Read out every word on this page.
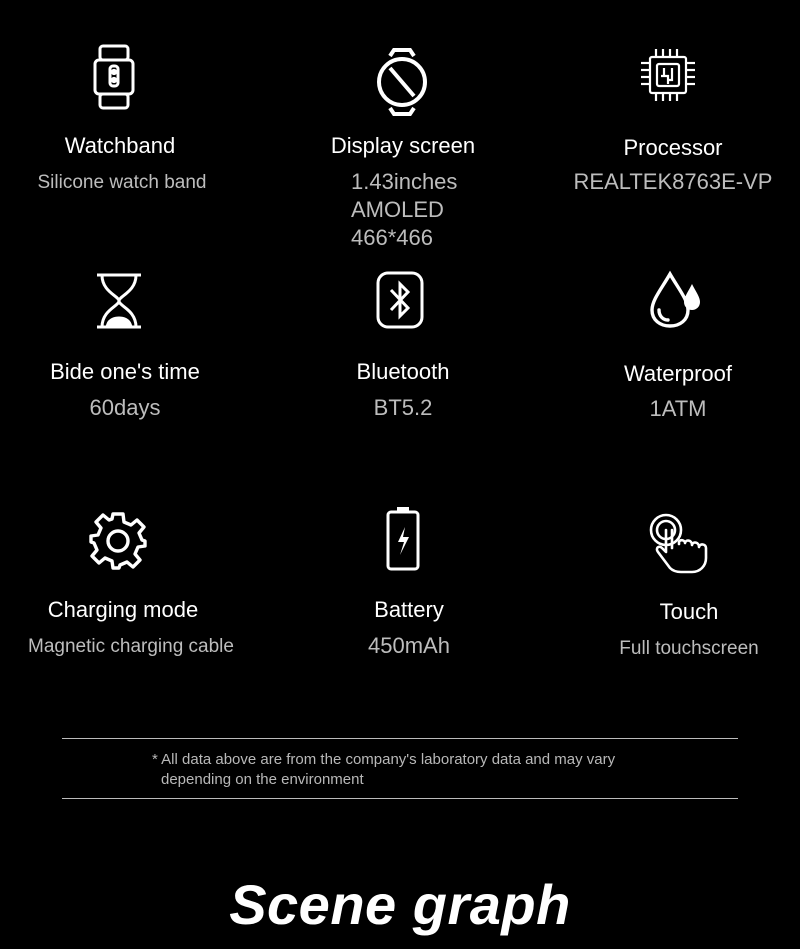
Watchband
Silicone watch band
Display screen
1.43inches
AMOLED
466*466
Processor
REALTEK8763E-VP
Bide one's time
60days
Bluetooth
BT5.2
Waterproof
1ATM
Charging mode
Magnetic charging cable
Battery
450mAh
Touch
Full touchscreen
* All data above are from the company's laboratory data and may vary
depending on the environment
Scene graph
